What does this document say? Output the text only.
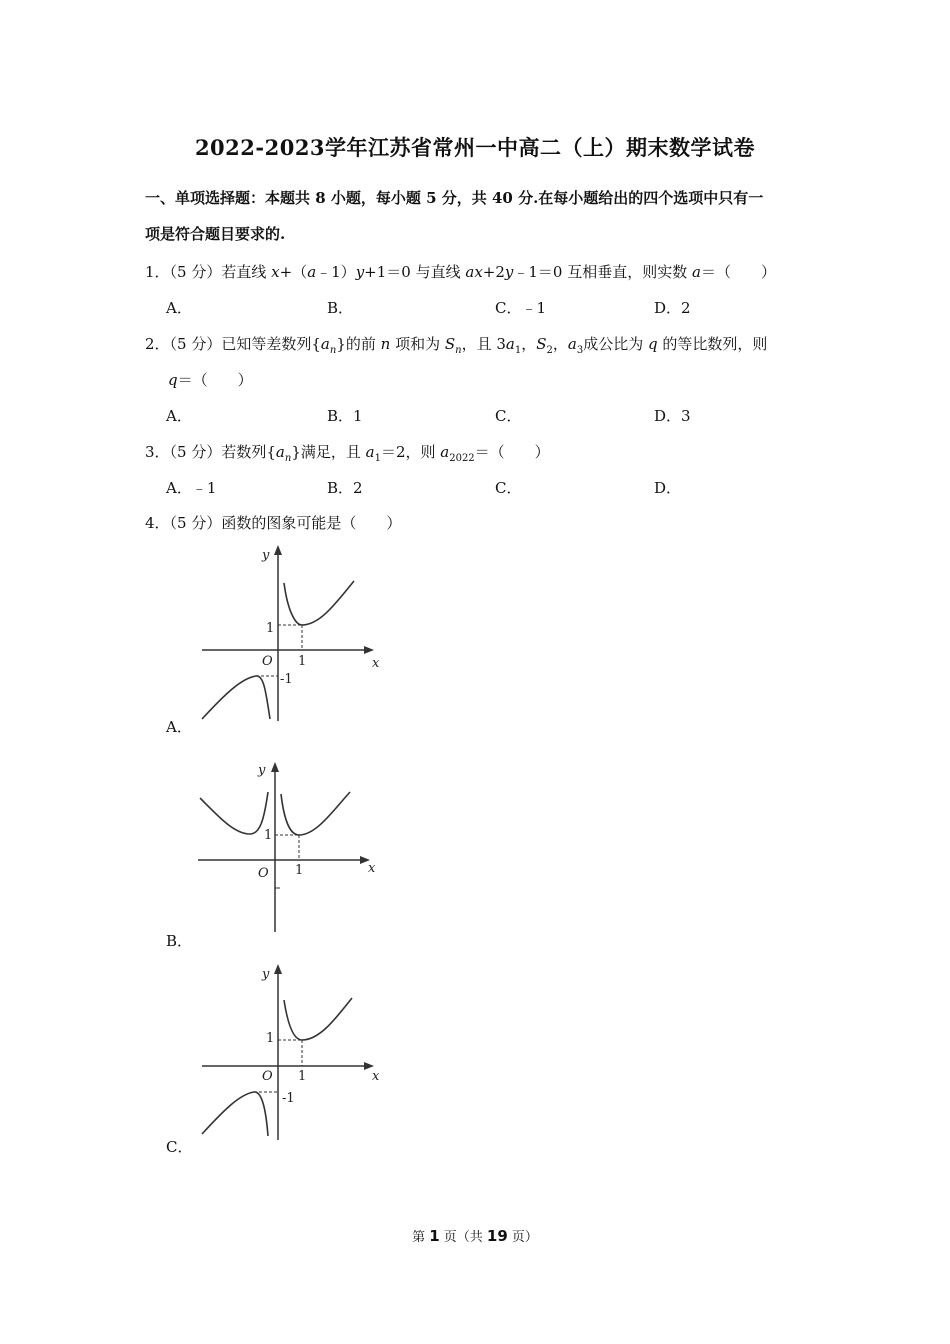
2022-2023学年江苏省常州一中高二（上）期末数学试卷
一、单项选择题：本题共 8 小题，每小题 5 分，共 40 分.在每小题给出的四个选项中只有一
项是符合题目要求的.
1．（5 分）若直线 x+（a﹣1）y+1＝0 与直线 ax+2y﹣1＝0 互相垂直，则实数 a＝（　　）
A．	B．	C．﹣1	D．2
2．（5 分）已知等差数列$\{a_n\}$的前 n 项和为 $S_n$，且 $3a_1$，$S_2$，$a_3$成公比为 q 的等比数列，则
q＝（　　）
A．	B．1	C．	D．3
3．（5 分）若数列$\{a_n\}$满足，且 $a_1=2$，则 $a_{2022}=$（　　）
A．﹣1	B．2	C．	D．
4．（5 分）函数的图象可能是（　　）
y
x
O
1
1
-1
A．
y
x
O
1
1
B．
y
x
O
1
1
-1
C．
第 1 页（共 19 页）
